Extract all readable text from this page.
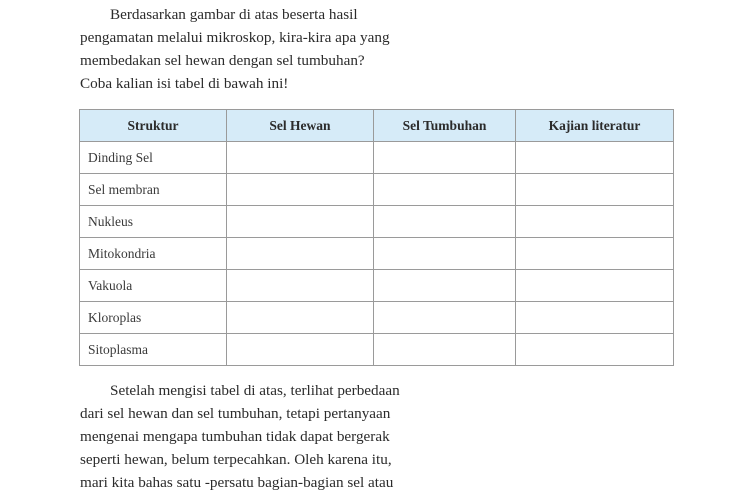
Berdasarkan gambar di atas beserta hasil
pengamatan melalui mikroskop, kira-kira apa yang
membedakan sel hewan dengan sel tumbuhan?
Coba kalian isi tabel di bawah ini!
Struktur	Sel Hewan	Sel Tumbuhan	Kajian literatur
Dinding Sel			
Sel membran			
Nukleus			
Mitokondria			
Vakuola			
Kloroplas			
Sitoplasma			
Setelah mengisi tabel di atas, terlihat perbedaan
dari sel hewan dan sel tumbuhan, tetapi pertanyaan
mengenai mengapa tumbuhan tidak dapat bergerak
seperti hewan, belum terpecahkan. Oleh karena itu,
mari kita bahas satu -persatu bagian-bagian sel atau
